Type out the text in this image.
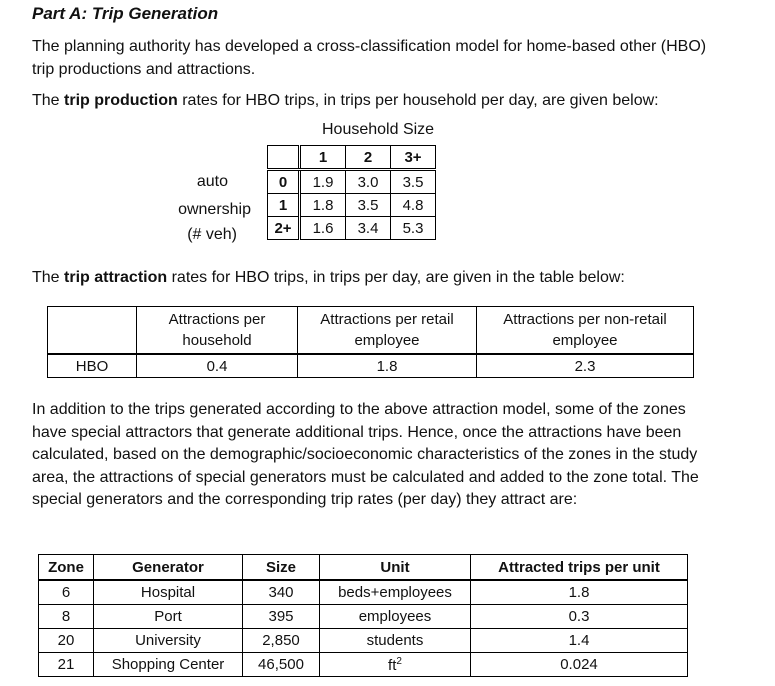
Part A: Trip Generation
The planning authority has developed a cross-classification model for home-based other (HBO) trip productions and attractions.
The trip production rates for HBO trips, in trips per household per day, are given below:
Household Size
auto
ownership
(# veh)
	1	2	3+
0	1.9	3.0	3.5
1	1.8	3.5	4.8
2+	1.6	3.4	5.3
The trip attraction rates for HBO trips, in trips per day, are given in the table below:
	Attractions per household	Attractions per retail employee	Attractions per non-retail employee
HBO	0.4	1.8	2.3
In addition to the trips generated according to the above attraction model, some of the zones have special attractors that generate additional trips. Hence, once the attractions have been calculated, based on the demographic/socioeconomic characteristics of the zones in the study area, the attractions of special generators must be calculated and added to the zone total. The special generators and the corresponding trip rates (per day) they attract are:
Zone	Generator	Size	Unit	Attracted trips per unit
6	Hospital	340	beds+employees	1.8
8	Port	395	employees	0.3
20	University	2,850	students	1.4
21	Shopping Center	46,500	$ft^2$	0.024
